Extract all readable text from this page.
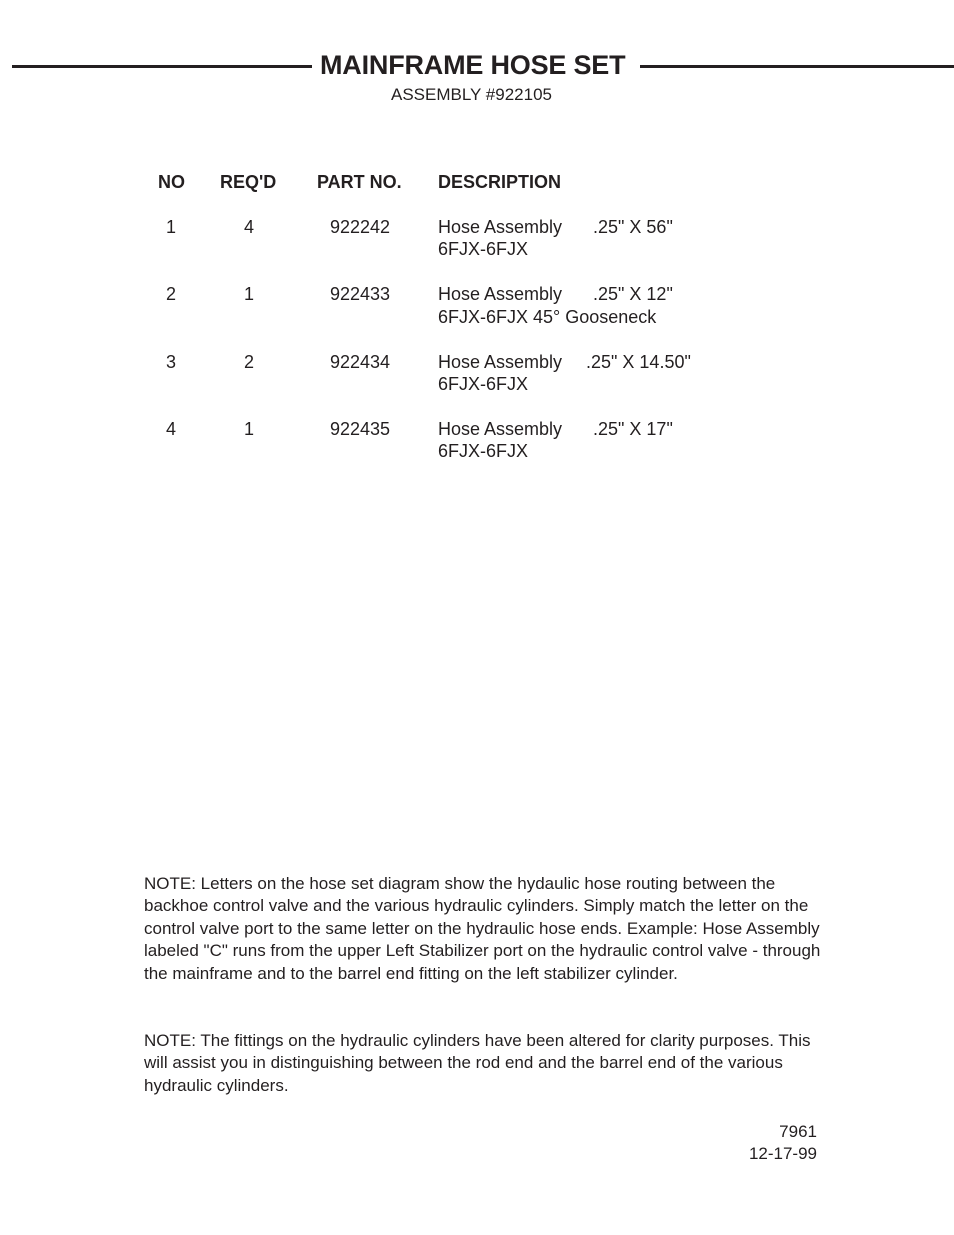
MAINFRAME HOSE SET
ASSEMBLY #922105
NO REQ'D PART NO. DESCRIPTION
1	4	922242	Hose Assembly .25" X 56"
6FJX-6FJX
2	1	922433	Hose Assembly .25" X 12"
6FJX-6FJX 45° Gooseneck
3	2	922434	Hose Assembly .25" X 14.50"
6FJX-6FJX
4	1	922435	Hose Assembly .25" X 17"
6FJX-6FJX

NOTE: Letters on the hose set diagram show the hydaulic hose routing between the backhoe control valve and the various hydraulic cylinders. Simply match the letter on the control valve port to the same letter on the hydraulic hose ends. Example: Hose Assembly labeled "C" runs from the upper Left Stabilizer port on the hydraulic control valve - through the mainframe and to the barrel end fitting on the left stabilizer cylinder.

NOTE: The fittings on the hydraulic cylinders have been altered for clarity purposes. This will assist you in distinguishing between the rod end and the barrel end of the various hydraulic cylinders.

7961
12-17-99
